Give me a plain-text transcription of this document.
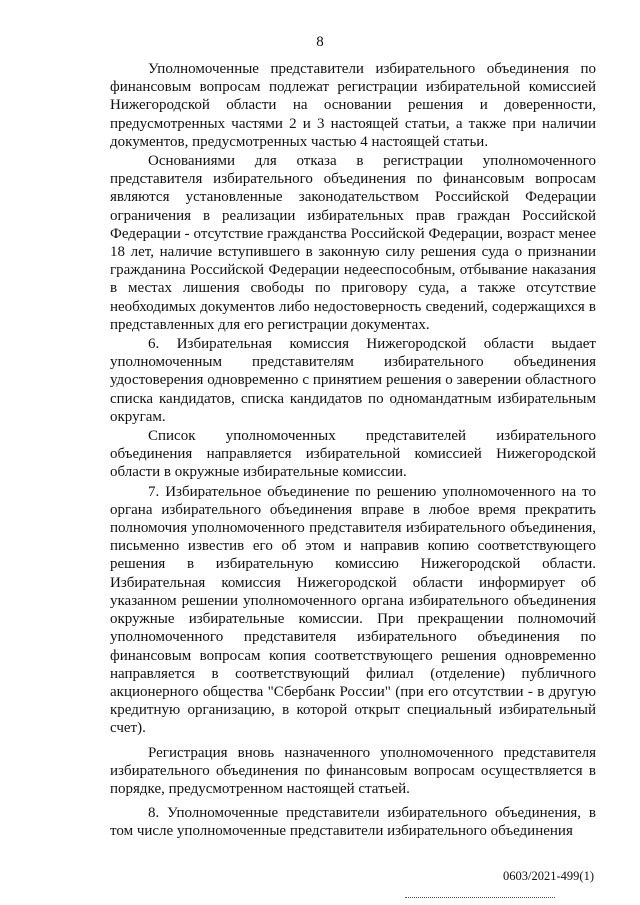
8

Уполномоченные представители избирательного объединения по финансовым вопросам подлежат регистрации избирательной комиссией Нижегородской области на основании решения и доверенности, предусмотренных частями 2 и 3 настоящей статьи, а также при наличии документов, предусмотренных частью 4 настоящей статьи.

Основаниями для отказа в регистрации уполномоченного представителя избирательного объединения по финансовым вопросам являются установленные законодательством Российской Федерации ограничения в реализации избирательных прав граждан Российской Федерации - отсутствие гражданства Российской Федерации, возраст менее 18 лет, наличие вступившего в законную силу решения суда о признании гражданина Российской Федерации недееспособным, отбывание наказания в местах лишения свободы по приговору суда, а также отсутствие необходимых документов либо недостоверность сведений, содержащихся в представленных для его регистрации документах.

6. Избирательная комиссия Нижегородской области выдает уполномоченным представителям избирательного объединения удостоверения одновременно с принятием решения о заверении областного списка кандидатов, списка кандидатов по одномандатным избирательным округам.

Список уполномоченных представителей избирательного объединения направляется избирательной комиссией Нижегородской области в окружные избирательные комиссии.

7. Избирательное объединение по решению уполномоченного на то органа избирательного объединения вправе в любое время прекратить полномочия уполномоченного представителя избирательного объединения, письменно известив его об этом и направив копию соответствующего решения в избирательную комиссию Нижегородской области. Избирательная комиссия Нижегородской области информирует об указанном решении уполномоченного органа избирательного объединения окружные избирательные комиссии. При прекращении полномочий уполномоченного представителя избирательного объединения по финансовым вопросам копия соответствующего решения одновременно направляется в соответствующий филиал (отделение) публичного акционерного общества "Сбербанк России" (при его отсутствии - в другую кредитную организацию, в которой открыт специальный избирательный счет).

Регистрация вновь назначенного уполномоченного представителя избирательного объединения по финансовым вопросам осуществляется в порядке, предусмотренном настоящей статьей.

8. Уполномоченные представители избирательного объединения, в том числе уполномоченные представители избирательного объединения

0603/2021-499(1)
